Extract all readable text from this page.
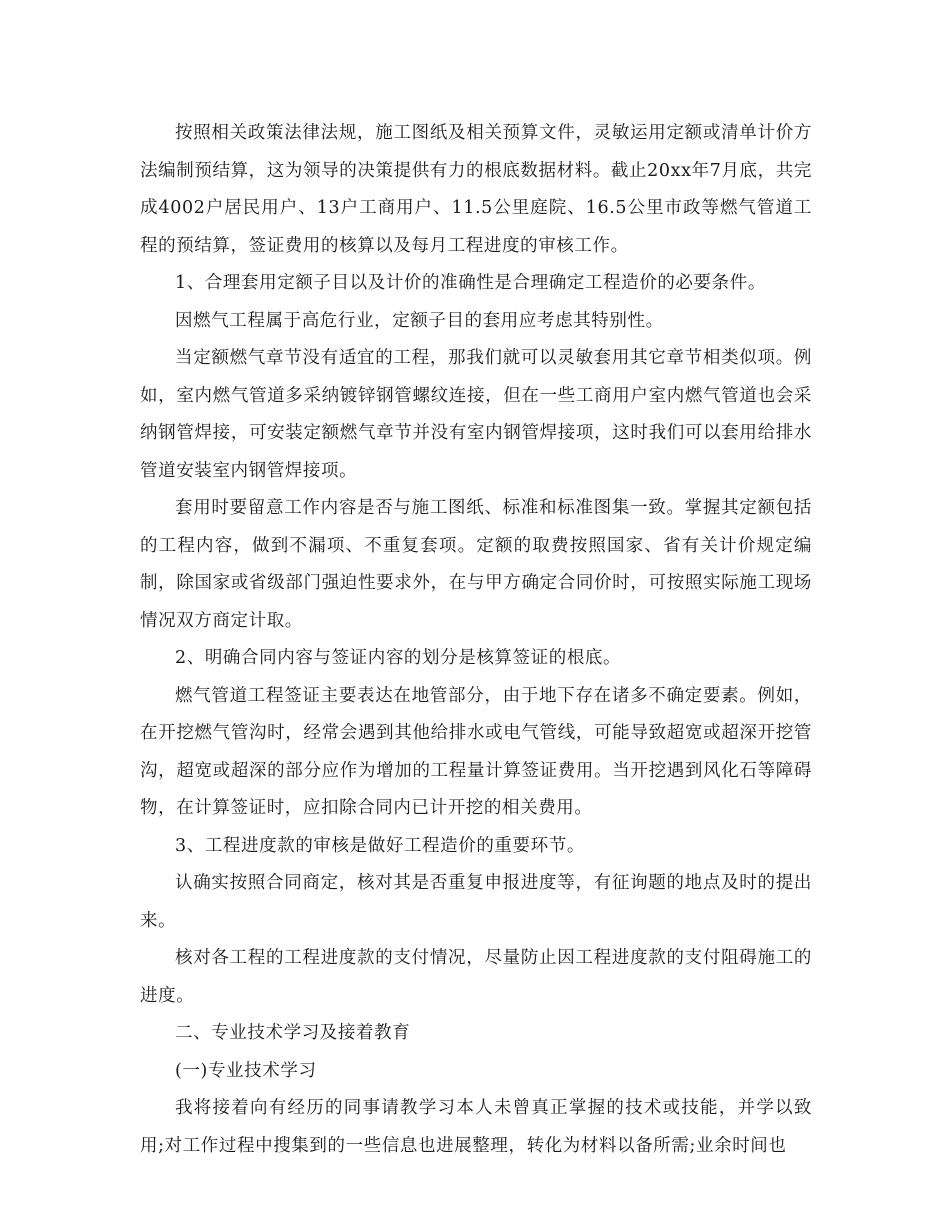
按照相关政策法律法规，施工图纸及相关预算文件，灵敏运用定额或清单计价方法编制预结算，这为领导的决策提供有力的根底数据材料。截止20xx年7月底，共完成4002户居民用户、13户工商用户、11.5公里庭院、16.5公里市政等燃气管道工程的预结算，签证费用的核算以及每月工程进度的审核工作。

1、合理套用定额子目以及计价的准确性是合理确定工程造价的必要条件。

因燃气工程属于高危行业，定额子目的套用应考虑其特别性。

当定额燃气章节没有适宜的工程，那我们就可以灵敏套用其它章节相类似项。例如，室内燃气管道多采纳镀锌钢管螺纹连接，但在一些工商用户室内燃气管道也会采纳钢管焊接，可安装定额燃气章节并没有室内钢管焊接项，这时我们可以套用给排水管道安装室内钢管焊接项。

套用时要留意工作内容是否与施工图纸、标准和标准图集一致。掌握其定额包括的工程内容，做到不漏项、不重复套项。定额的取费按照国家、省有关计价规定编制，除国家或省级部门强迫性要求外，在与甲方确定合同价时，可按照实际施工现场情况双方商定计取。

2、明确合同内容与签证内容的划分是核算签证的根底。

燃气管道工程签证主要表达在地管部分，由于地下存在诸多不确定要素。例如，在开挖燃气管沟时，经常会遇到其他给排水或电气管线，可能导致超宽或超深开挖管沟，超宽或超深的部分应作为增加的工程量计算签证费用。当开挖遇到风化石等障碍物，在计算签证时，应扣除合同内已计开挖的相关费用。

3、工程进度款的审核是做好工程造价的重要环节。

认确实按照合同商定，核对其是否重复申报进度等，有征询题的地点及时的提出来。

核对各工程的工程进度款的支付情况，尽量防止因工程进度款的支付阻碍施工的进度。

二、专业技术学习及接着教育

(一)专业技术学习

我将接着向有经历的同事请教学习本人未曾真正掌握的技术或技能，并学以致用;对工作过程中搜集到的一些信息也进展整理，转化为材料以备所需;业余时间也
